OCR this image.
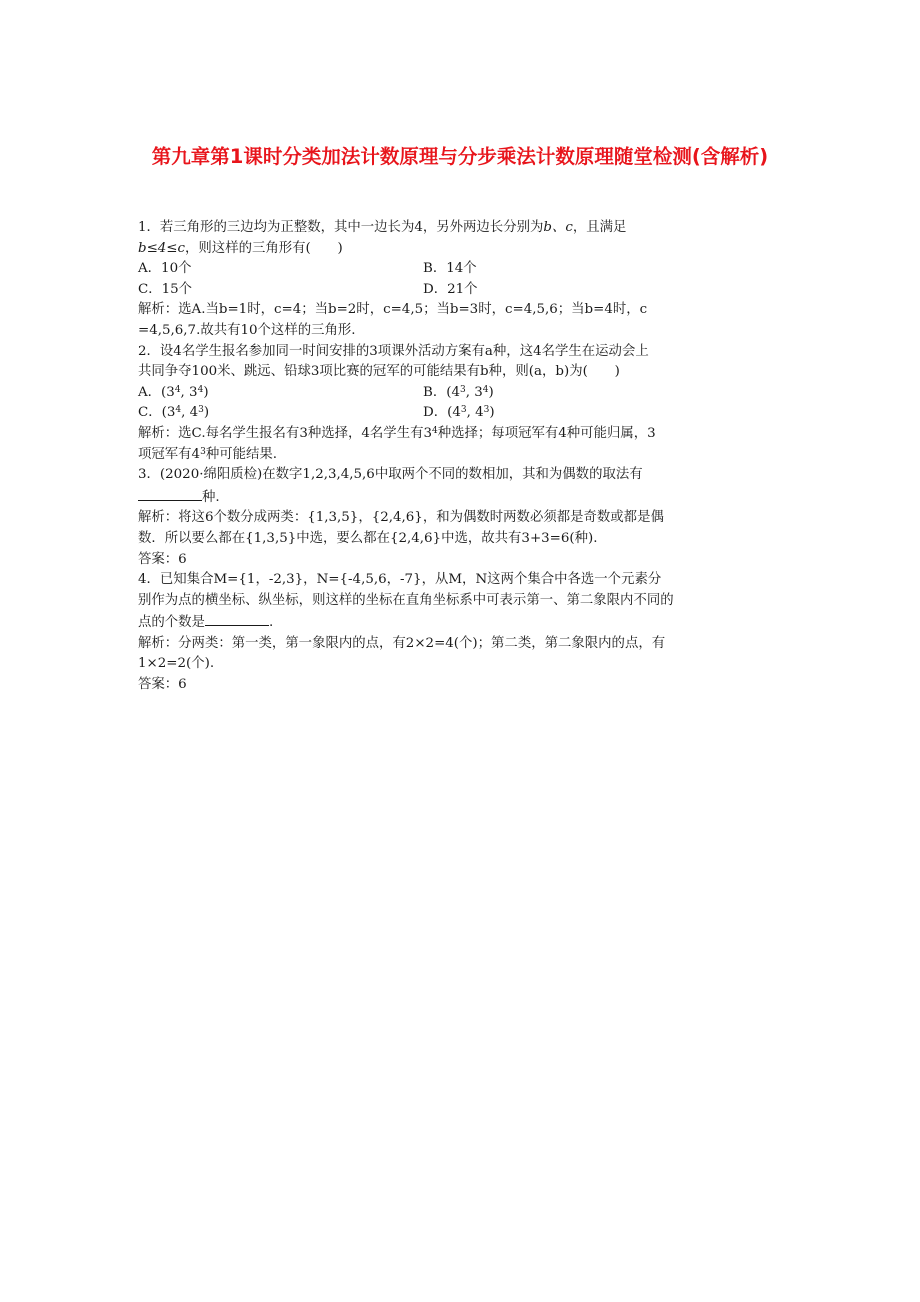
第九章第1课时分类加法计数原理与分步乘法计数原理随堂检测(含解析)

1．若三角形的三边均为正整数，其中一边长为4，另外两边长分别为b、c，且满足
b≤4≤c，则这样的三角形有(　　)

A．10个	B．14个
C．15个	D．21个

解析：选A.当b=1时，c=4；当b=2时，c=4,5；当b=3时，c=4,5,6；当b=4时，c

=4,5,6,7.故共有10个这样的三角形.

2．设4名学生报名参加同一时间安排的3项课外活动方案有a种，这4名学生在运动会上

共同争夺100米、跳远、铅球3项比赛的冠军的可能结果有b种，则(a，b)为(　　)

A．($3^4$, $3^4$)	B．($4^3$, $3^4$)
C．($3^4$, $4^3$)	D．($4^3$, $4^3$)

解析：选C.每名学生报名有3种选择，4名学生有$3^4$种选择；每项冠军有4种可能归属，3

项冠军有$4^3$种可能结果.

3．(2020·绵阳质检)在数字1,2,3,4,5,6中取两个不同的数相加，其和为偶数的取法有

种.

解析：将这6个数分成两类：{1,3,5}，{2,4,6}，和为偶数时两数必须都是奇数或都是偶

数．所以要么都在{1,3,5}中选，要么都在{2,4,6}中选，故共有3+3=6(种).

答案：6

4．已知集合M={1，-2,3}，N={-4,5,6，-7}，从M，N这两个集合中各选一个元素分

别作为点的横坐标、纵坐标，则这样的坐标在直角坐标系中可表示第一、第二象限内不同的

点的个数是	.

解析：分两类：第一类，第一象限内的点，有2×2=4(个)；第二类，第二象限内的点，有

1×2=2(个).

答案：6
